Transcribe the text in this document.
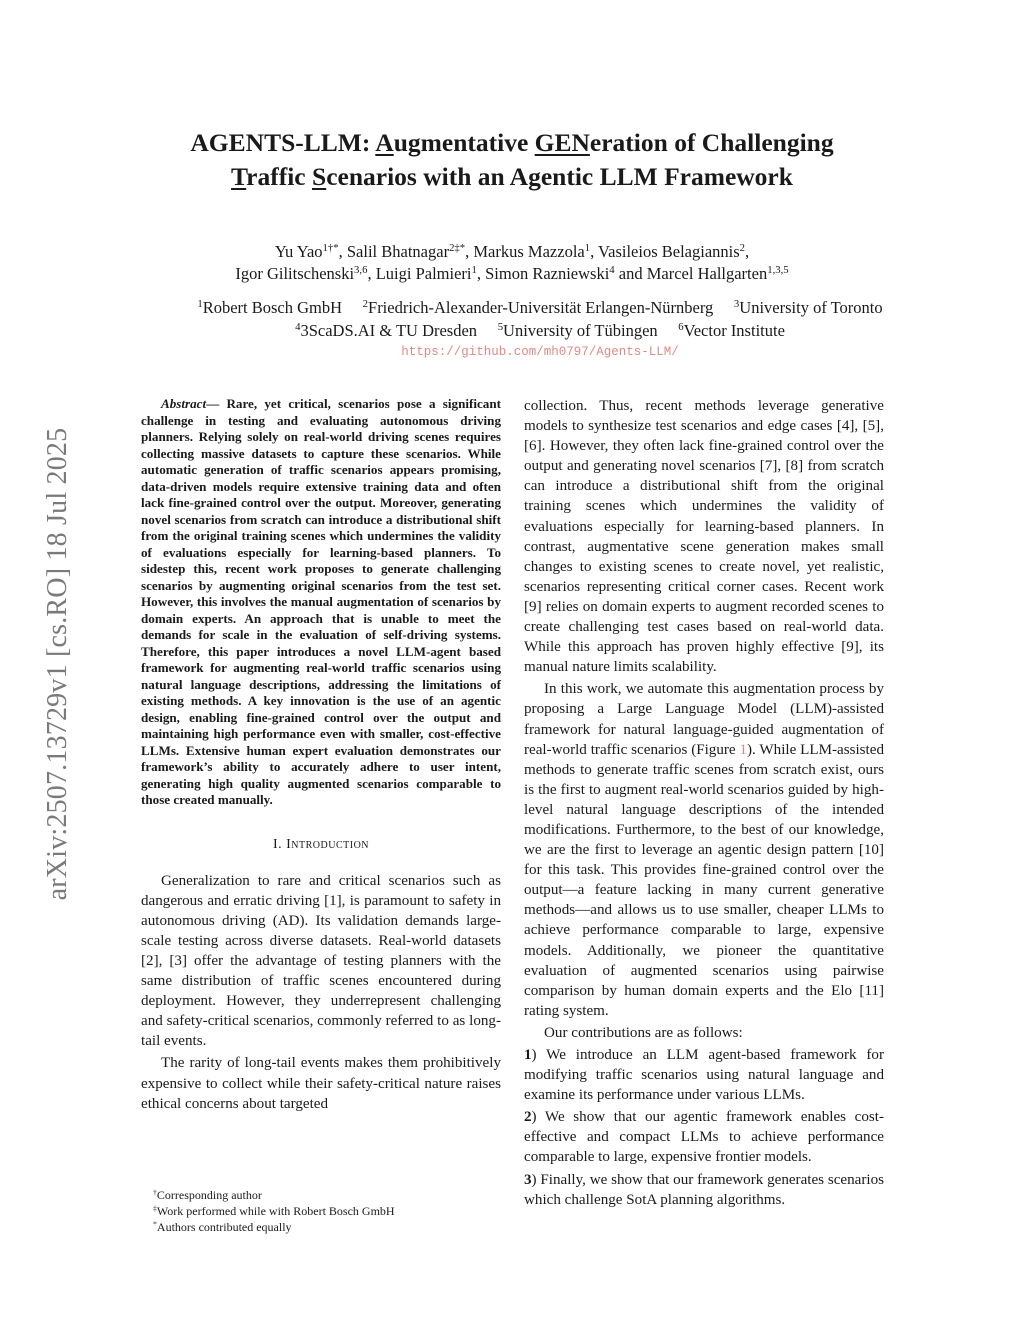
arXiv:2507.13729v1 [cs.RO] 18 Jul 2025
AGENTS-LLM: Augmentative GENeration of Challenging
Traffic Scenarios with an Agentic LLM Framework
Yu Yao$^{1\dagger*}$, Salil Bhatnagar$^{2\ddagger*}$, Markus Mazzola$^1$, Vasileios Belagiannis$^2$,
Igor Gilitschenski$^{3,6}$, Luigi Palmieri$^1$, Simon Razniewski$^4$ and Marcel Hallgarten$^{1,3,5}$
$^1$Robert Bosch GmbH $^2$Friedrich-Alexander-Universität Erlangen-Nürnberg $^3$University of Toronto
$^4$3ScaDS.AI & TU Dresden $^5$University of Tübingen $^6$Vector Institute
https://github.com/mh0797/Agents-LLM/

Abstract— Rare, yet critical, scenarios pose a significant challenge in testing and evaluating autonomous driving planners. Relying solely on real-world driving scenes requires collecting massive datasets to capture these scenarios. While automatic generation of traffic scenarios appears promising, data-driven models require extensive training data and often lack fine-grained control over the output. Moreover, generating novel scenarios from scratch can introduce a distributional shift from the original training scenes which undermines the validity of evaluations especially for learning-based planners. To sidestep this, recent work proposes to generate challenging scenarios by augmenting original scenarios from the test set. However, this involves the manual augmentation of scenarios by domain experts. An approach that is unable to meet the demands for scale in the evaluation of self-driving systems. Therefore, this paper introduces a novel LLM-agent based framework for augmenting real-world traffic scenarios using natural language descriptions, addressing the limitations of existing methods. A key innovation is the use of an agentic design, enabling fine-grained control over the output and maintaining high performance even with smaller, cost-effective LLMs. Extensive human expert evaluation demonstrates our framework’s ability to accurately adhere to user intent, generating high quality augmented scenarios comparable to those created manually.

I. Introduction

Generalization to rare and critical scenarios such as dangerous and erratic driving [1], is paramount to safety in autonomous driving (AD). Its validation demands large-scale testing across diverse datasets. Real-world datasets [2], [3] offer the advantage of testing planners with the same distribution of traffic scenes encountered during deployment. However, they underrepresent challenging and safety-critical scenarios, commonly referred to as long-tail events.

The rarity of long-tail events makes them prohibitively expensive to collect while their safety-critical nature raises ethical concerns about targeted

†Corresponding author
‡Work performed while with Robert Bosch GmbH
*Authors contributed equally

collection. Thus, recent methods leverage generative models to synthesize test scenarios and edge cases [4], [5], [6]. However, they often lack fine-grained control over the output and generating novel scenarios [7], [8] from scratch can introduce a distributional shift from the original training scenes which undermines the validity of evaluations especially for learning-based planners. In contrast, augmentative scene generation makes small changes to existing scenes to create novel, yet realistic, scenarios representing critical corner cases. Recent work [9] relies on domain experts to augment recorded scenes to create challenging test cases based on real-world data. While this approach has proven highly effective [9], its manual nature limits scalability.

In this work, we automate this augmentation process by proposing a Large Language Model (LLM)-assisted framework for natural language-guided augmentation of real-world traffic scenarios (Figure 1). While LLM-assisted methods to generate traffic scenes from scratch exist, ours is the first to augment real-world scenarios guided by high-level natural language descriptions of the intended modifications. Furthermore, to the best of our knowledge, we are the first to leverage an agentic design pattern [10] for this task. This provides fine-grained control over the output—a feature lacking in many current generative methods—and allows us to use smaller, cheaper LLMs to achieve performance comparable to large, expensive models. Additionally, we pioneer the quantitative evaluation of augmented scenarios using pairwise comparison by human domain experts and the Elo [11] rating system.

Our contributions are as follows:

1) We introduce an LLM agent-based framework for modifying traffic scenarios using natural language and examine its performance under various LLMs.

2) We show that our agentic framework enables cost-effective and compact LLMs to achieve performance comparable to large, expensive frontier models.

3) Finally, we show that our framework generates scenarios which challenge SotA planning algorithms.
